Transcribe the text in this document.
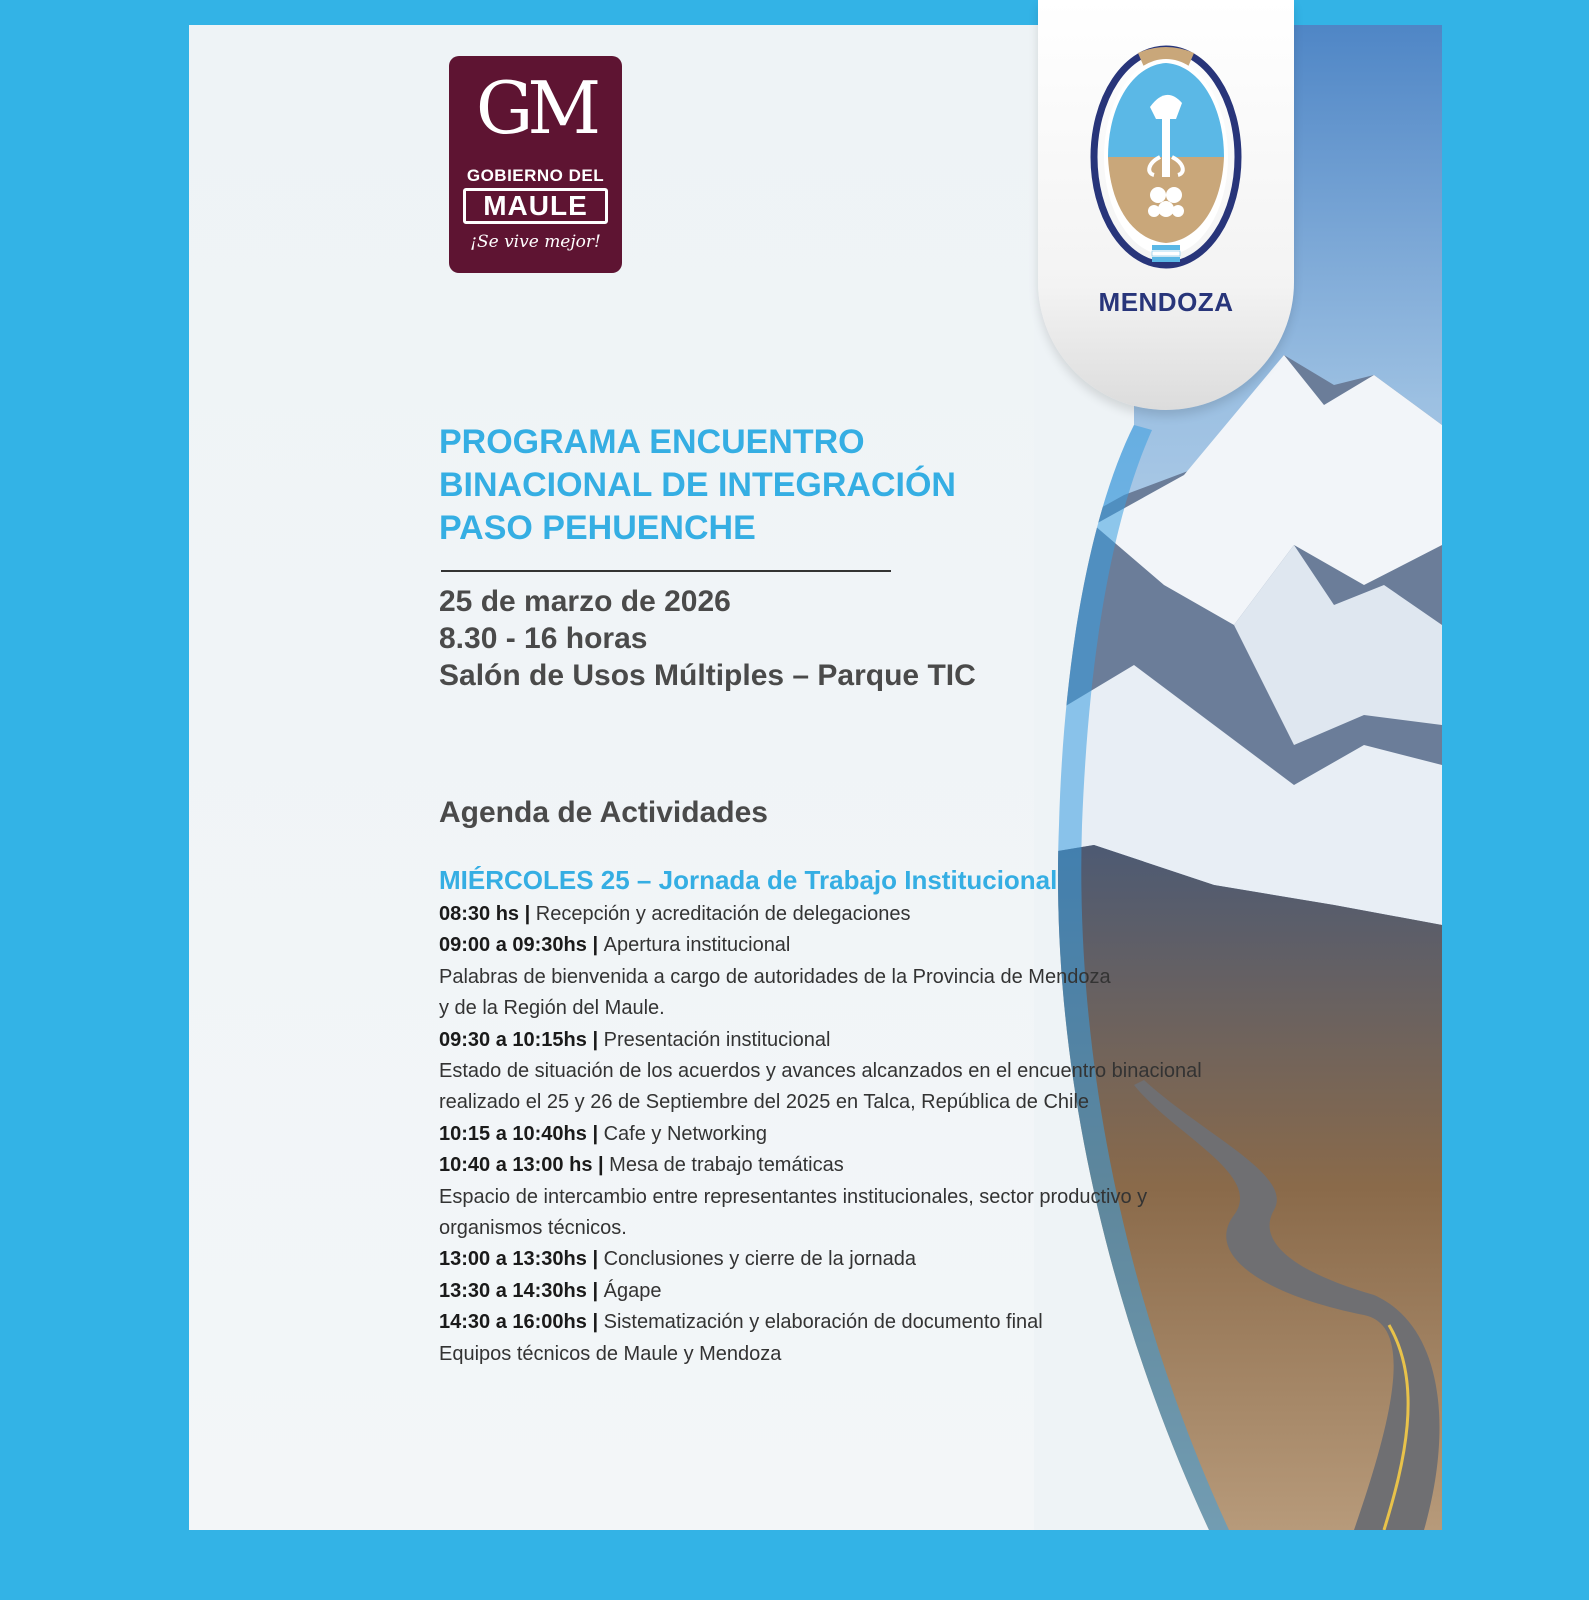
GM
GOBIERNO DEL
MAULE
¡Se vive mejor!
PROGRAMA ENCUENTRO
BINACIONAL DE INTEGRACIÓN
PASO PEHUENCHE
25 de marzo de 2026
8.30 - 16 horas
Salón de Usos Múltiples – Parque TIC
Agenda de Actividades
MIÉRCOLES 25 – Jornada de Trabajo Institucional
08:30 hs | Recepción y acreditación de delegaciones
09:00 a 09:30hs | Apertura institucional
Palabras de bienvenida a cargo de autoridades de la Provincia de Mendoza
y de la Región del Maule.
09:30 a 10:15hs | Presentación institucional
Estado de situación de los acuerdos y avances alcanzados en el encuentro binacional
realizado el 25 y 26 de Septiembre del 2025 en Talca, República de Chile
10:15 a 10:40hs | Cafe y Networking
10:40 a 13:00 hs | Mesa de trabajo temáticas
Espacio de intercambio entre representantes institucionales, sector productivo y
organismos técnicos.
13:00 a 13:30hs | Conclusiones y cierre de la jornada
13:30 a 14:30hs | Ágape
14:30 a 16:00hs | Sistematización y elaboración de documento final
Equipos técnicos de Maule y Mendoza
MENDOZA
